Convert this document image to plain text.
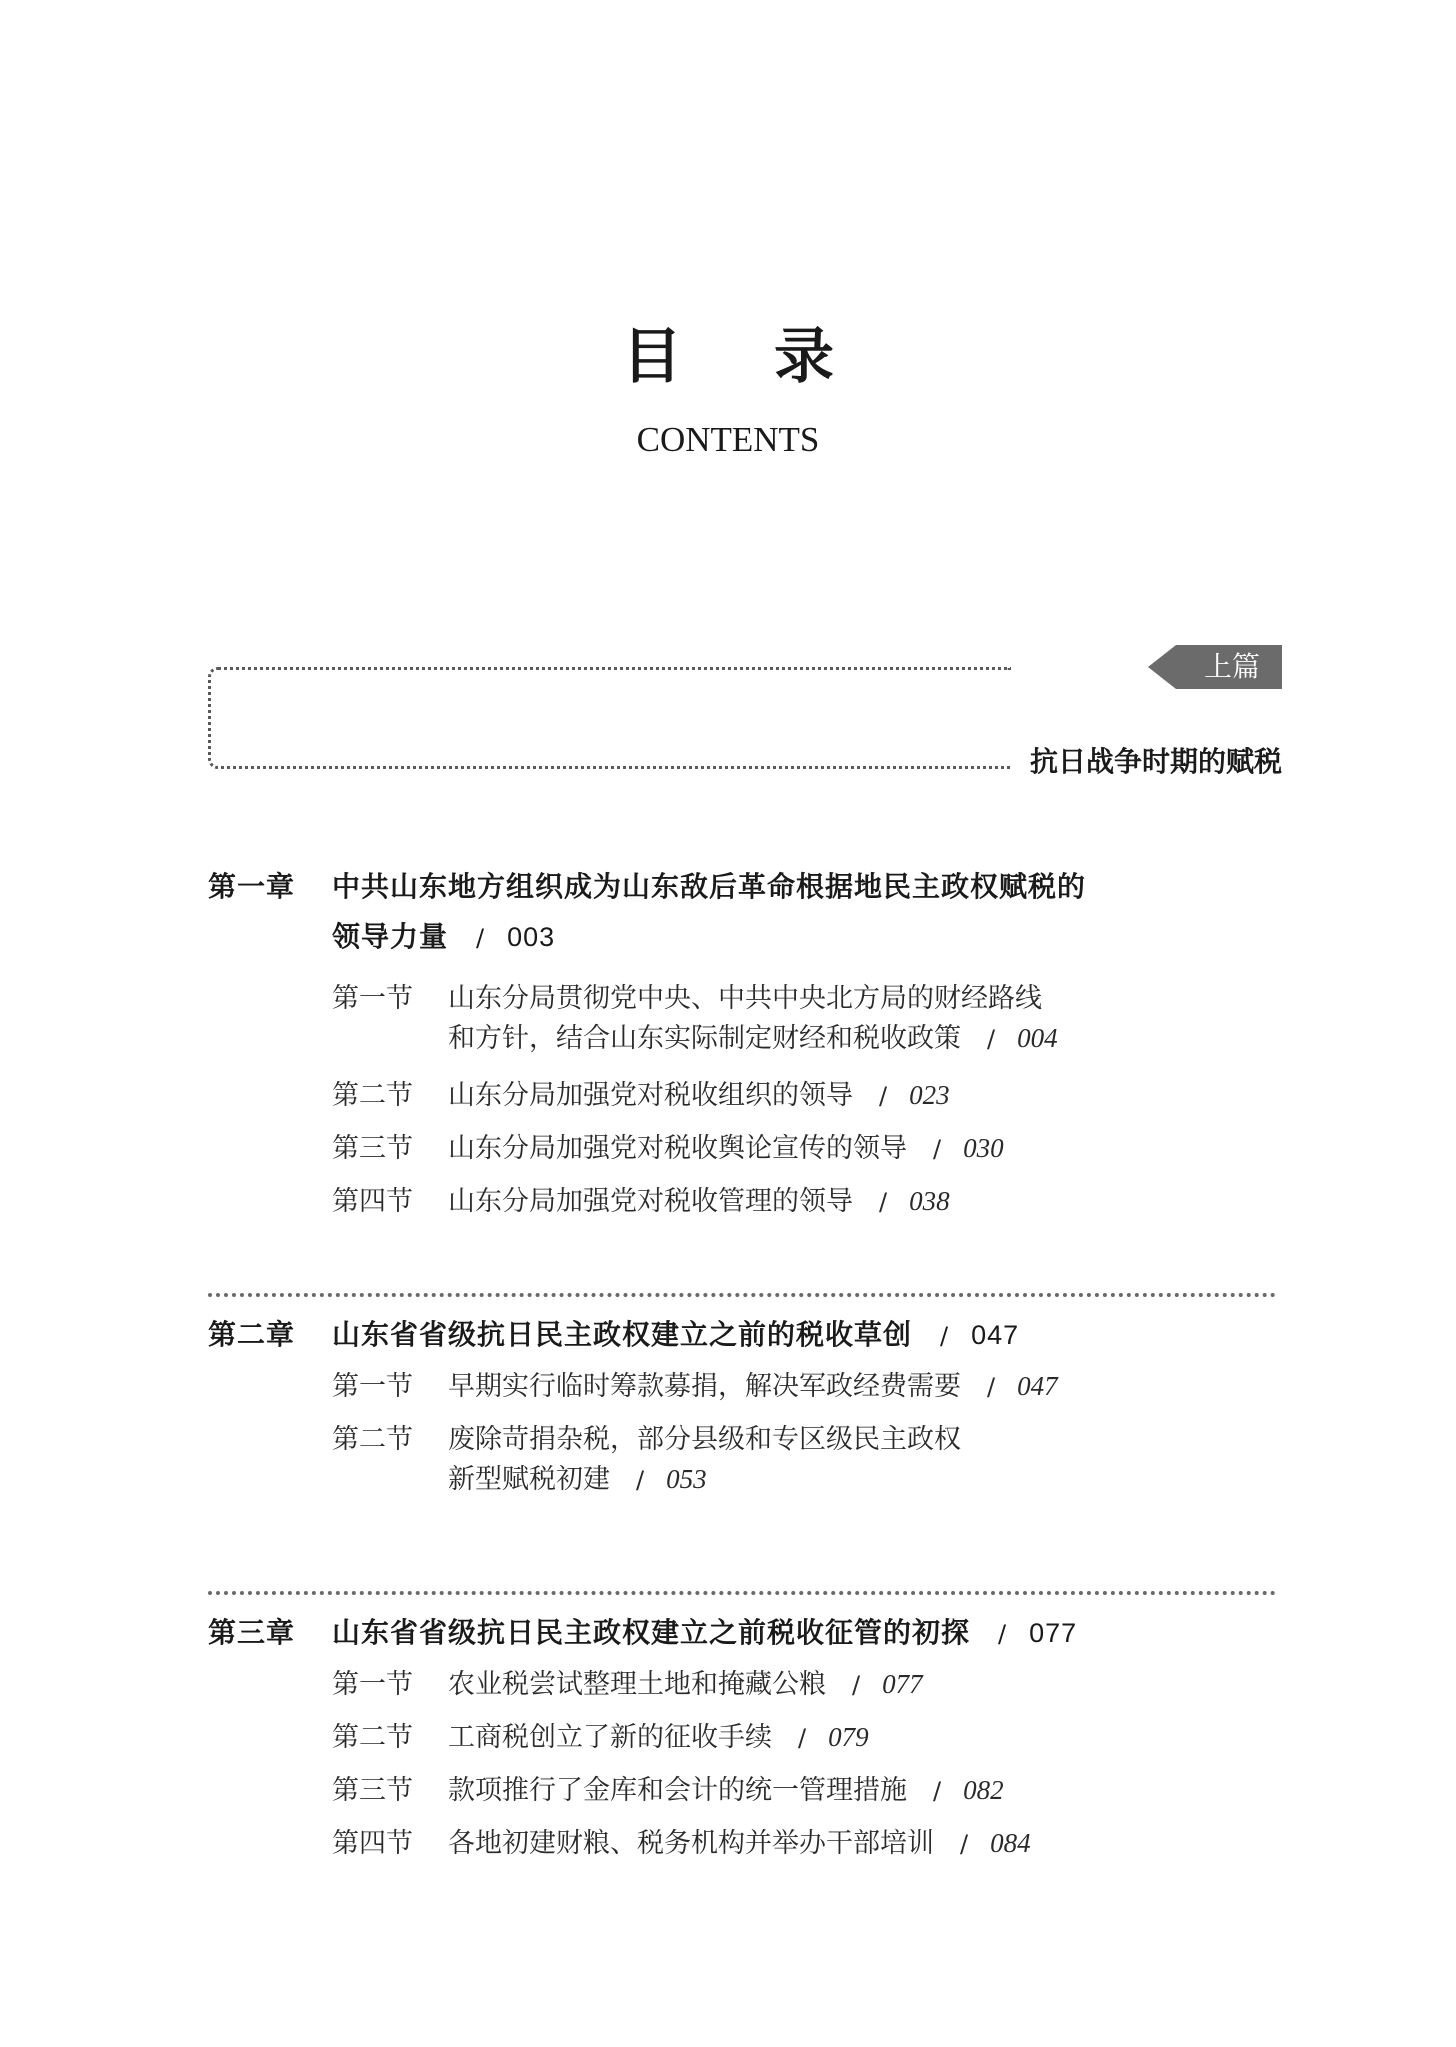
目录
CONTENTS
上篇
抗日战争时期的赋税
第一章 中共山东地方组织成为山东敌后革命根据地民主政权赋税的
领导力量 / 003
第一节 山东分局贯彻党中央、中共中央北方局的财经路线
和方针，结合山东实际制定财经和税收政策 / 004
第二节 山东分局加强党对税收组织的领导 / 023
第三节 山东分局加强党对税收舆论宣传的领导 / 030
第四节 山东分局加强党对税收管理的领导 / 038
第二章 山东省省级抗日民主政权建立之前的税收草创 / 047
第一节 早期实行临时筹款募捐，解决军政经费需要 / 047
第二节 废除苛捐杂税，部分县级和专区级民主政权
新型赋税初建 / 053
第三章 山东省省级抗日民主政权建立之前税收征管的初探 / 077
第一节 农业税尝试整理土地和掩藏公粮 / 077
第二节 工商税创立了新的征收手续 / 079
第三节 款项推行了金库和会计的统一管理措施 / 082
第四节 各地初建财粮、税务机构并举办干部培训 / 084
